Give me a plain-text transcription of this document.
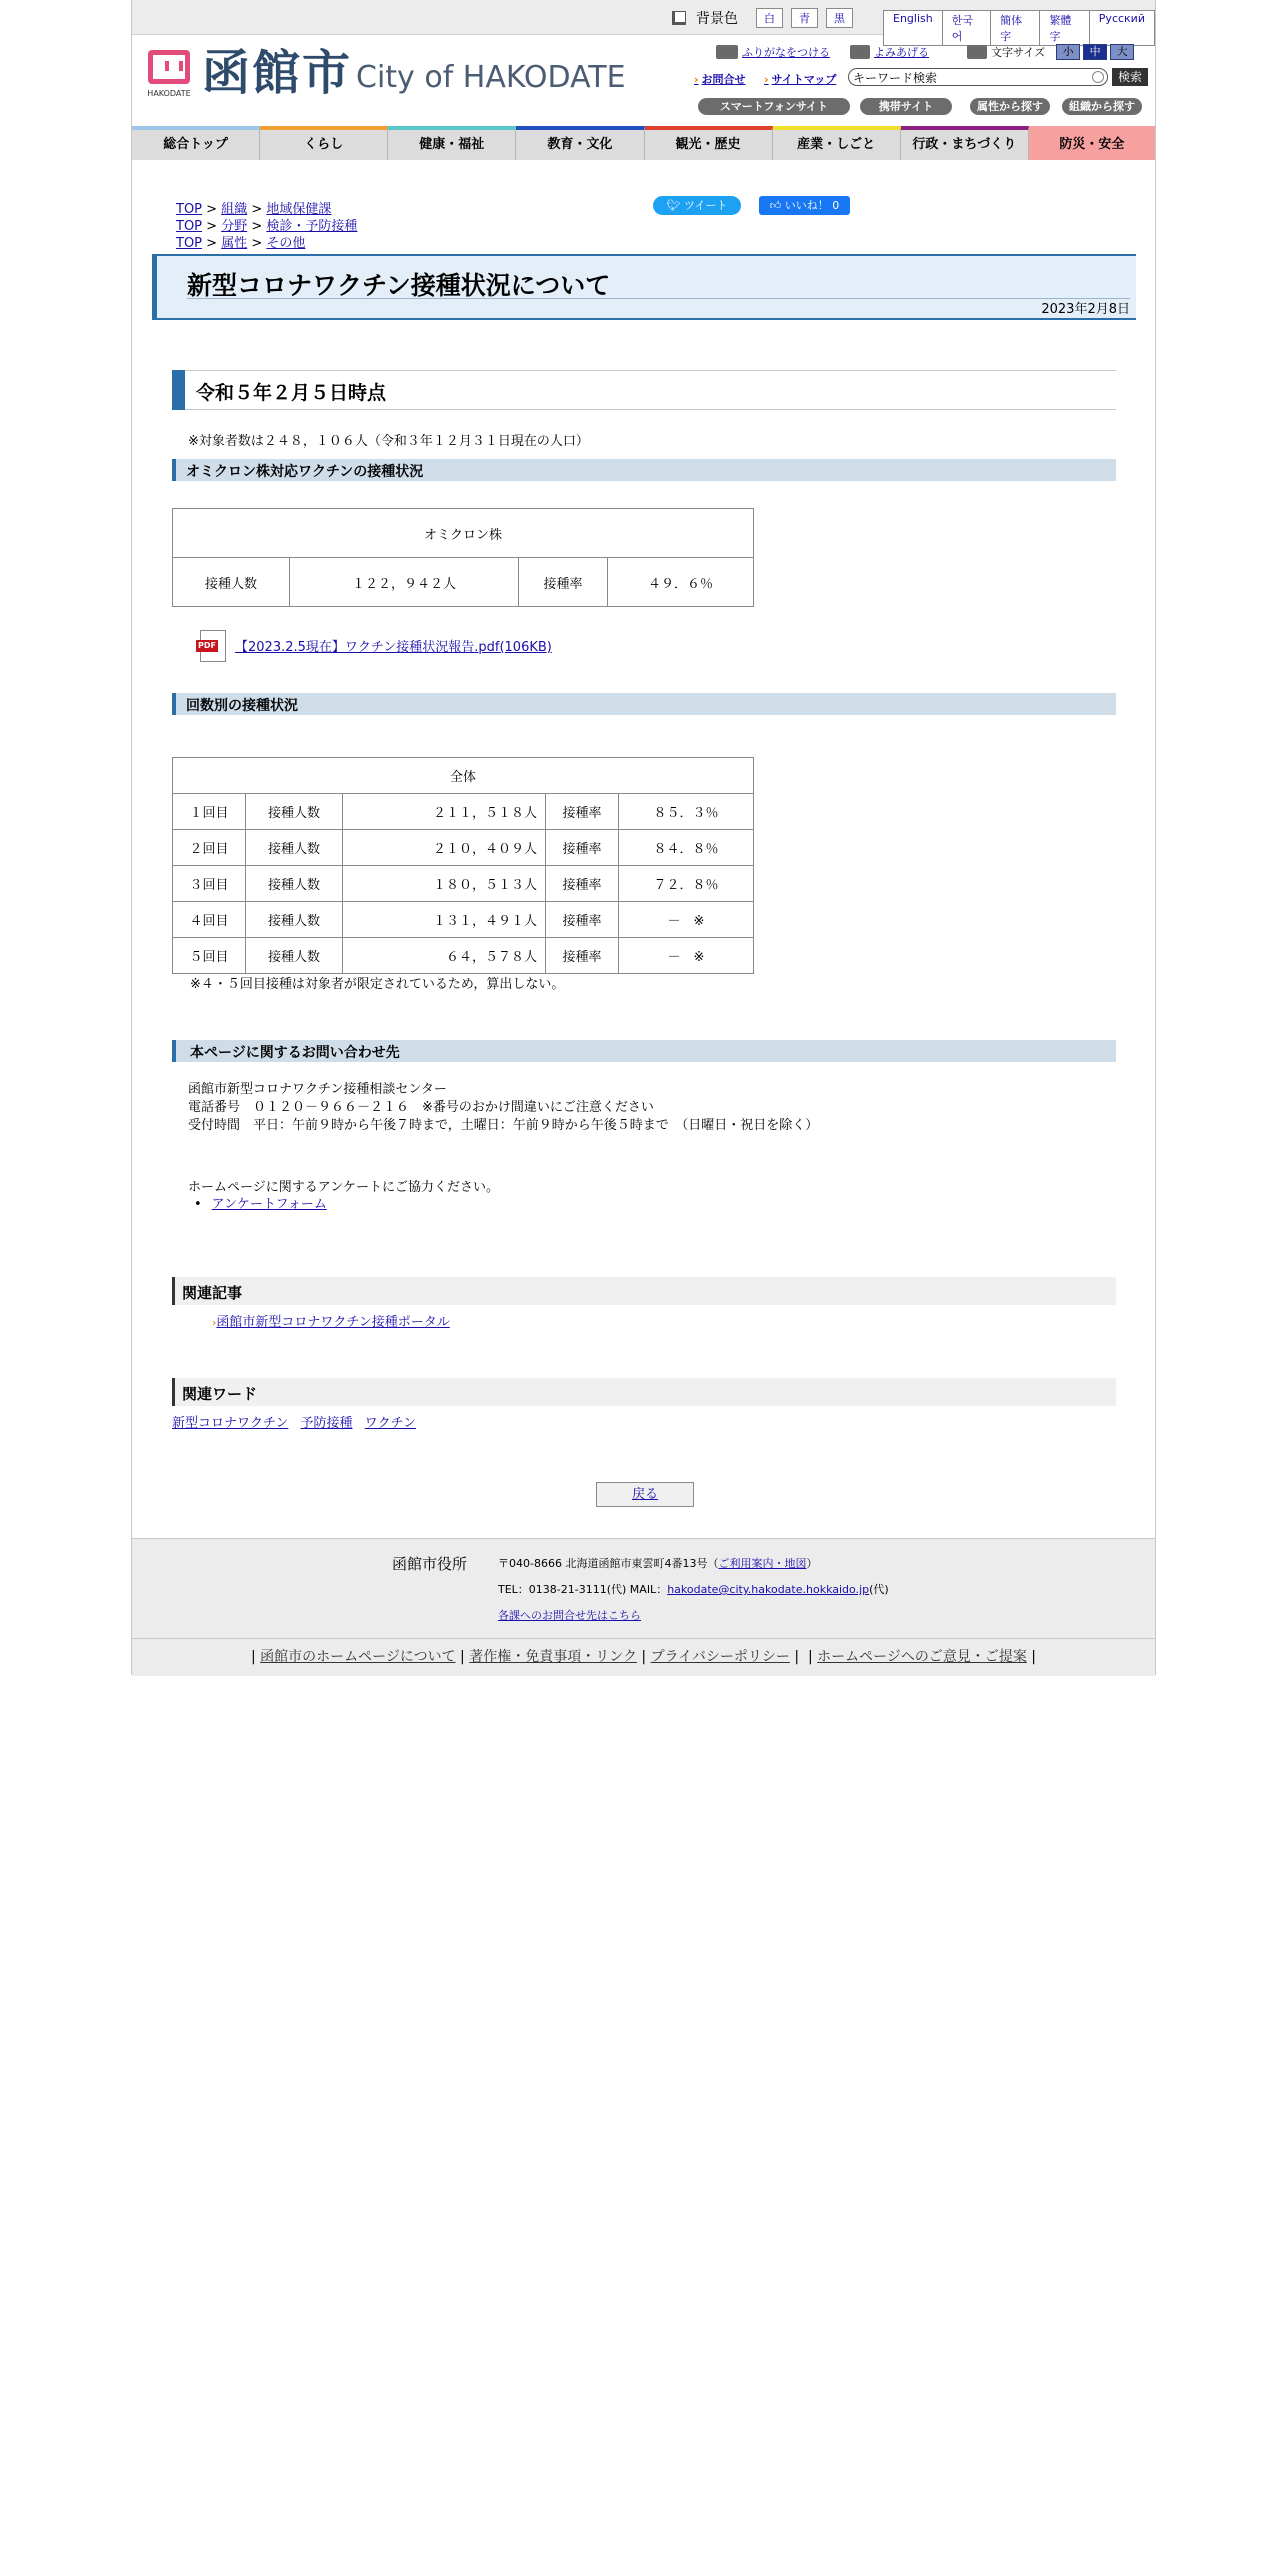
背景色	白	青	黒	English	한국어
簡体字
繁體字
Русский
HAKODATE 函館市 City of HAKODATE
ふりがなをつける	よみあげる	文字サイズ	小	中	大
› お問合せ	› サイトマップ	キーワード検索	検索
スマートフォンサイト	携帯サイト	属性から探す	組織から探す
総合トップ	くらし	健康・福祉	教育・文化	観光・歴史	産業・しごと	行政・まちづくり	防災・安全
TOP > 組織 > 地域保健課
TOP > 分野 > 検診・予防接種
TOP > 属性 > その他
🐦︎ ツイート	👍︎ いいね！ 0
新型コロナワクチン接種状況について
2023年2月8日
令和５年２月５日時点
※対象者数は２４８，１０６人（令和３年１２月３１日現在の人口）
オミクロン株対応ワクチンの接種状況
オミクロン株
接種人数	１２２，９４２人	接種率	４９．６％
PDF 【2023.2.5現在】ワクチン接種状況報告.pdf(106KB)
回数別の接種状況
全体				
１回目	接種人数	２１１，５１８人	接種率	８５．３％
２回目	接種人数	２１０，４０９人	接種率	８４．８％
３回目	接種人数	１８０，５１３人	接種率	７２．８％
４回目	接種人数	１３１，４９１人	接種率	－　※
５回目	接種人数	６４，５７８人	接種率	－　※
※４・５回目接種は対象者が限定されているため，算出しない。
本ページに関するお問い合わせ先
函館市新型コロナワクチン接種相談センター
電話番号　０１２０－９６６－２１６　※番号のおかけ間違いにご注意ください
受付時間　平日：午前９時から午後７時まで，土曜日：午前９時から午後５時まで　（日曜日・祝日を除く）
ホームページに関するアンケートにご協力ください。
• アンケートフォーム
関連記事
›函館市新型コロナワクチン接種ポータル
関連ワード
新型コロナワクチン 予防接種 ワクチン
戻る
函館市役所	〒040-8666 北海道函館市東雲町4番13号（ご利用案内・地図）
TEL：0138-21-3111(代) MAIL：hakodate@city.hakodate.hokkaido.jp(代)
各課へのお問合せ先はこちら
| 函館市のホームページについて | 著作権・免責事項・リンク | プライバシーポリシー |  | ホームページへのご意見・ご提案 |
